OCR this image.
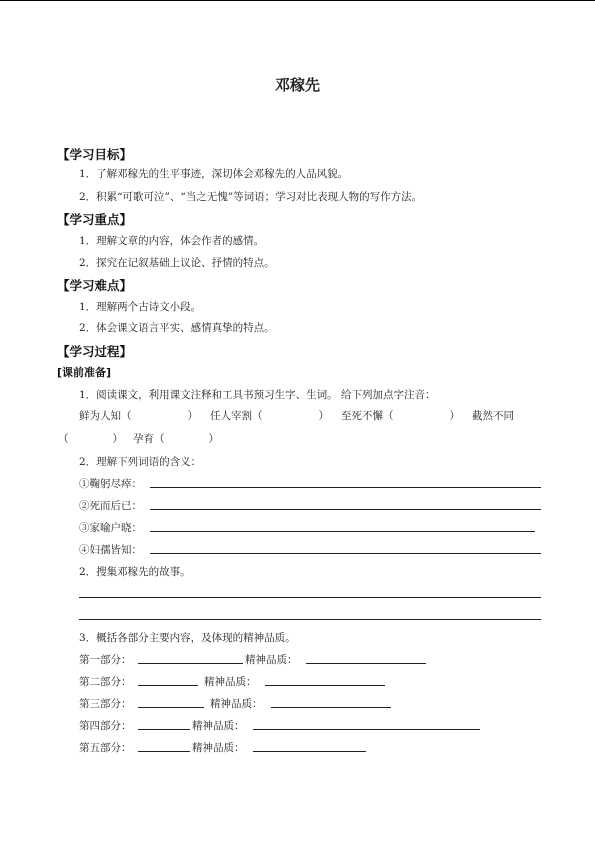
邓稼先
【学习目标】
1．了解邓稼先的生平事迹，深切体会邓稼先的人品风貌。
2．积累“可歌可泣”、“当之无愧”等词语；学习对比表现人物的写作方法。
【学习重点】
1．理解文章的内容，体会作者的感情。
2．探究在记叙基础上议论、抒情的特点。
【学习难点】
1．理解两个古诗文小段。
2．体会课文语言平实、感情真挚的特点。
【学习过程】
[课前准备]
1．阅读课文，利用课文注释和工具书预习生字、生词。 给下列加点字注音：
鲜为人知（	） 任人宰割（	） 至死不懈（	） 截然不同
（	） 孕育（	）
2．理解下列词语的含义：
①鞠躬尽瘁：
②死而后已：
③家喻户晓：
④妇孺皆知：
2．搜集邓稼先的故事。
3．概括各部分主要内容，及体现的精神品质。
第一部分：	精神品质：
第二部分：	精神品质：
第三部分：	精神品质：
第四部分：	精神品质：
第五部分：	精神品质：
